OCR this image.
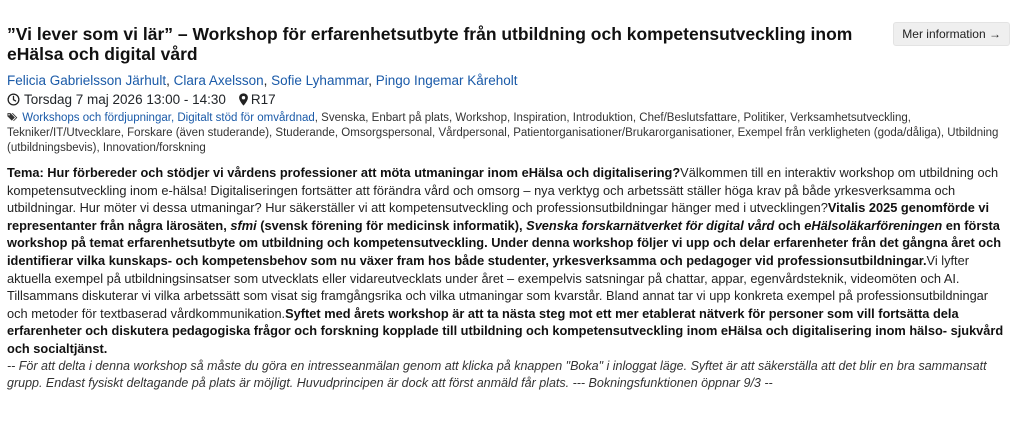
Mer information →
”Vi lever som vi lär” – Workshop för erfarenhetsutbyte från utbildning och kompetensutveckling inom eHälsa och digital vård
Felicia Gabrielsson Järhult, Clara Axelsson, Sofie Lyhammar, Pingo Ingemar Kåreholt
Torsdag 7 maj 2026 13:00 - 14:30 R17
Workshops och fördjupningar, Digitalt stöd för omvårdnad, Svenska, Enbart på plats, Workshop, Inspiration, Introduktion, Chef/Beslutsfattare, Politiker, Verksamhetsutveckling, Tekniker/IT/Utvecklare, Forskare (även studerande), Studerande, Omsorgspersonal, Vårdpersonal, Patientorganisationer/Brukarorganisationer, Exempel från verkligheten (goda/dåliga), Utbildning (utbildningsbevis), Innovation/forskning
Tema: Hur förbereder och stödjer vi vårdens professioner att möta utmaningar inom eHälsa och digitalisering?Välkommen till en interaktiv workshop om utbildning och kompetensutveckling inom e-hälsa! Digitaliseringen fortsätter att förändra vård och omsorg – nya verktyg och arbetssätt ställer höga krav på både yrkesverksamma och utbildningar. Hur möter vi dessa utmaningar? Hur säkerställer vi att kompetensutveckling och professionsutbildningar hänger med i utvecklingen?Vitalis 2025 genomförde vi representanter från några lärosäten, sfmi (svensk förening för medicinsk informatik), Svenska forskarnätverket för digital vård och eHälsoläkarföreningen en första workshop på temat erfarenhetsutbyte om utbildning och kompetensutveckling. Under denna workshop följer vi upp och delar erfarenheter från det gångna året och identifierar vilka kunskaps- och kompetensbehov som nu växer fram hos både studenter, yrkesverksamma och pedagoger vid professionsutbildningar.Vi lyfter aktuella exempel på utbildningsinsatser som utvecklats eller vidareutvecklats under året – exempelvis satsningar på chattar, appar, egenvårdsteknik, videomöten och AI. Tillsammans diskuterar vi vilka arbetssätt som visat sig framgångsrika och vilka utmaningar som kvarstår. Bland annat tar vi upp konkreta exempel på professionsutbildningar och metoder för textbaserad vårdkommunikation.Syftet med årets workshop är att ta nästa steg mot ett mer etablerat nätverk för personer som vill fortsätta dela erfarenheter och diskutera pedagogiska frågor och forskning kopplade till utbildning och kompetensutveckling inom eHälsa och digitalisering inom hälso- sjukvård och socialtjänst.
-- För att delta i denna workshop så måste du göra en intresseanmälan genom att klicka på knappen "Boka" i inloggat läge. Syftet är att säkerställa att det blir en bra sammansatt grupp. Endast fysiskt deltagande på plats är möjligt. Huvudprincipen är dock att först anmäld får plats. --- Bokningsfunktionen öppnar 9/3 --
